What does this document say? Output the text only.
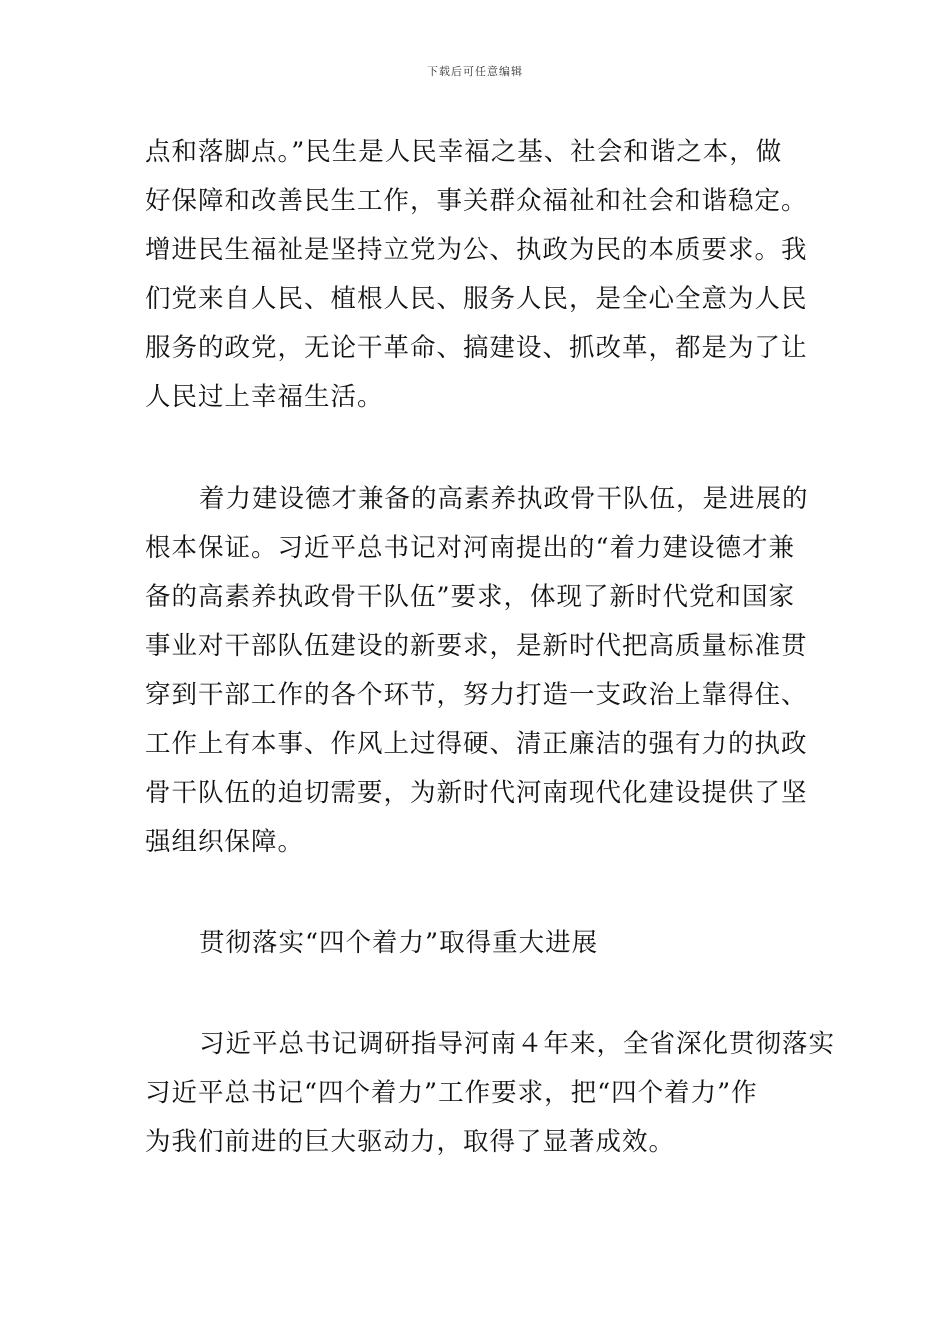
下载后可任意编辑

点和落脚点。”民生是人民幸福之基、社会和谐之本，做
好保障和改善民生工作，事关群众福祉和社会和谐稳定。
增进民生福祉是坚持立党为公、执政为民的本质要求。我
们党来自人民、植根人民、服务人民，是全心全意为人民
服务的政党，无论干革命、搞建设、抓改革，都是为了让
人民过上幸福生活。

着力建设德才兼备的高素养执政骨干队伍，是进展的
根本保证。习近平总书记对河南提出的“着力建设德才兼
备的高素养执政骨干队伍”要求，体现了新时代党和国家
事业对干部队伍建设的新要求，是新时代把高质量标准贯
穿到干部工作的各个环节，努力打造一支政治上靠得住、
工作上有本事、作风上过得硬、清正廉洁的强有力的执政
骨干队伍的迫切需要，为新时代河南现代化建设提供了坚
强组织保障。

贯彻落实“四个着力”取得重大进展

习近平总书记调研指导河南４年来，全省深化贯彻落实
习近平总书记“四个着力”工作要求，把“四个着力”作
为我们前进的巨大驱动力，取得了显著成效。
